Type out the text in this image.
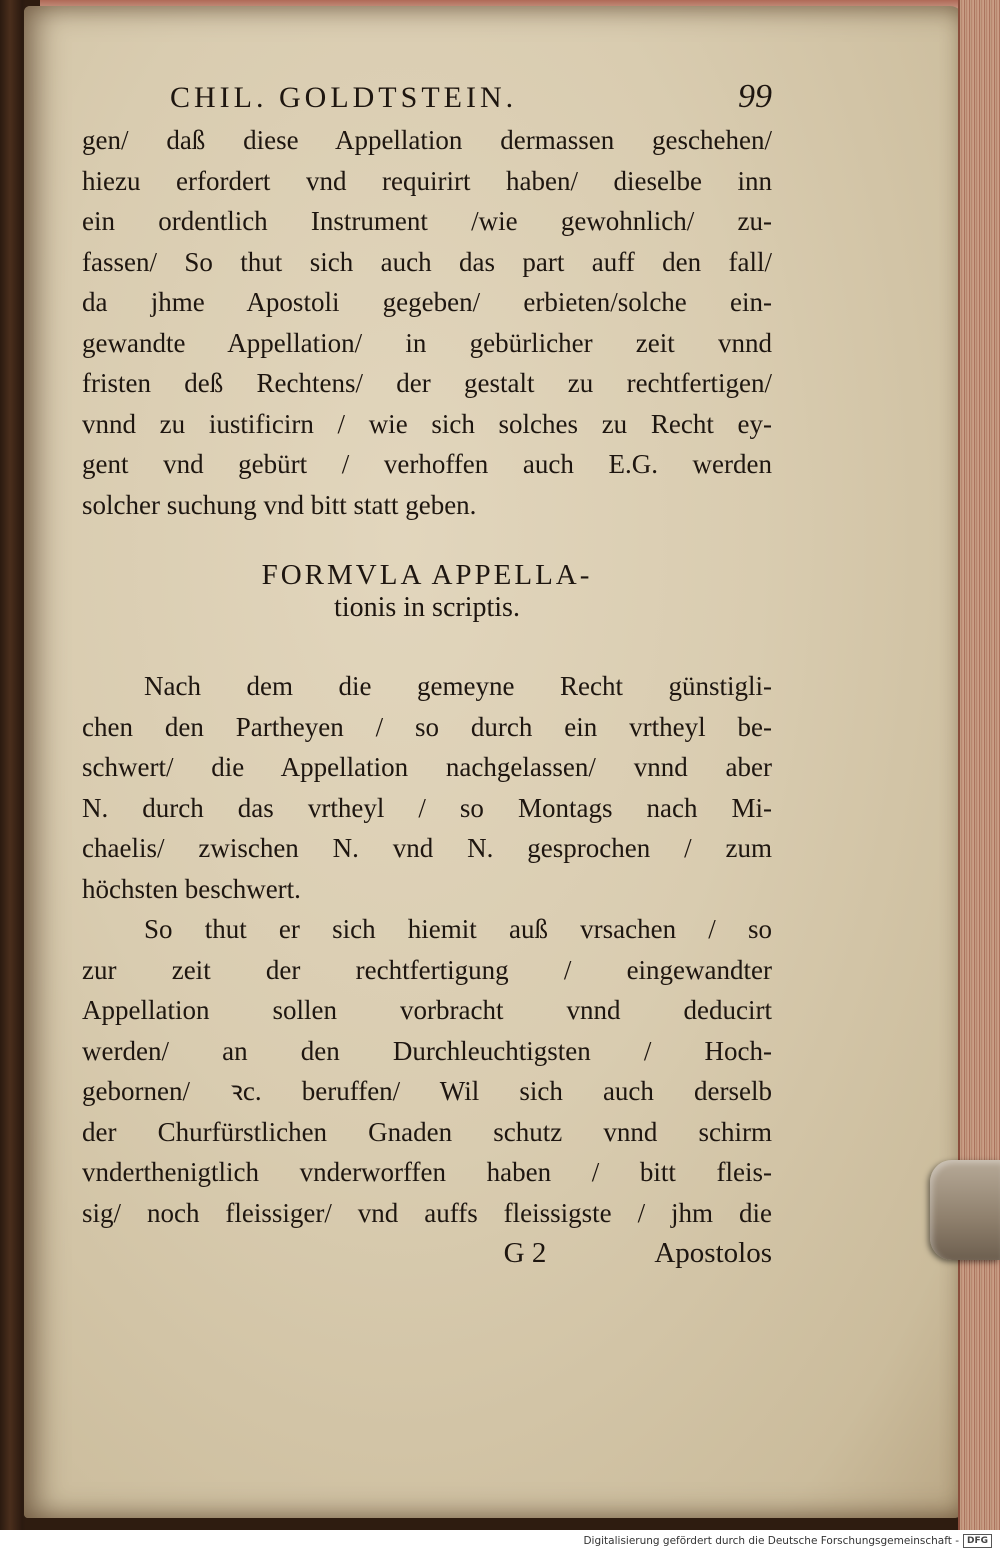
CHIL. GOLDTSTEIN.	99
gen/ daß diese Appellation dermassen geschehen/
hiezu erfordert vnd requirirt haben/ dieselbe inn
ein ordentlich Instrument /wie gewohnlich/ zu-
fassen/ So thut sich auch das part auff den fall/
da jhme Apostoli gegeben/ erbieten/solche ein-
gewandte Appellation/ in gebürlicher zeit vnnd
fristen deß Rechtens/ der gestalt zu rechtfertigen/
vnnd zu iustificirn / wie sich solches zu Recht ey-
gent vnd gebürt / verhoffen auch E.G. werden
solcher suchung vnd bitt statt geben.
FORMVLA APPELLA-
tionis in scriptis.
Nach dem die gemeyne Recht günstigli-
chen den Partheyen / so durch ein vrtheyl be-
schwert/ die Appellation nachgelassen/ vnnd aber
N. durch das vrtheyl / so Montags nach Mi-
chaelis/ zwischen N. vnd N. gesprochen / zum
höchsten beschwert.
So thut er sich hiemit auß vrsachen / so
zur zeit der rechtfertigung / eingewandter
Appellation sollen vorbracht vnnd deducirt
werden/ an den Durchleuchtigsten / Hoch-
gebornen/ ꝛc. beruffen/ Wil sich auch derselb
der Churfürstlichen Gnaden schutz vnnd schirm
vnderthenigtlich vnderworffen haben / bitt fleis-
sig/ noch fleissiger/ vnd auffs fleissigste / jhm die
G 2	Apostolos
Digitalisierung gefördert durch die Deutsche Forschungsgemeinschaft - DFG
